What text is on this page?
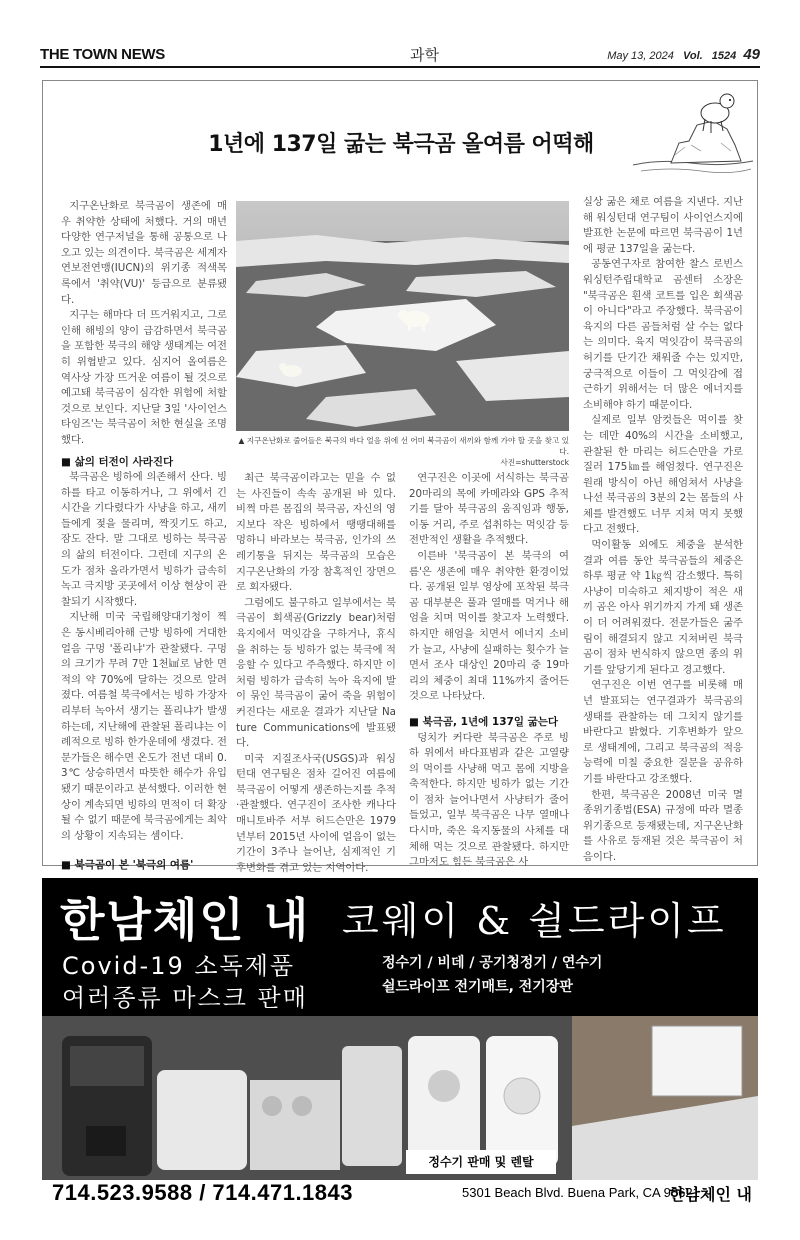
THE TOWN NEWS	과학	May 13, 2024 Vol. 1524 49
1년에 137일 굶는 북극곰 올여름 어떡해

지구온난화로 북극곰이 생존에 매우 취약한 상태에 처했다. 거의 매년 다양한 연구저널을 통해 공통으로 나오고 있는 의견이다. 북극곰은 세계자연보전연맹(IUCN)의 위기종 적색목록에서 '취약(VU)' 등급으로 분류됐다.

지구는 해마다 더 뜨거워지고, 그로 인해 해빙의 양이 급감하면서 북극곰을 포함한 북극의 해양 생태계는 여전히 위협받고 있다. 심지어 올여름은 역사상 가장 뜨거운 여름이 될 것으로 예고돼 북극곰이 심각한 위험에 처할 것으로 보인다. 지난달 3일 '사이언스타임즈'는 북극곰이 처한 현실을 조명했다.

■ 삶의 터전이 사라진다

북극곰은 빙하에 의존해서 산다. 빙하를 타고 이동하거나, 그 위에서 긴 시간을 기다렸다가 사냥을 하고, 새끼들에게 젖을 물리며, 짝짓기도 하고, 잠도 잔다. 말 그대로 빙하는 북극곰의 삶의 터전이다. 그런데 지구의 온도가 점차 올라가면서 빙하가 급속히 녹고 극지방 곳곳에서 이상 현상이 관찰되기 시작했다.

지난해 미국 국립해양대기청이 찍은 동시베리아해 근방 빙하에 거대한 얼음 구멍 '폴리냐'가 관찰됐다. 구멍의 크기가 무려 7만 1천㎢로 남한 면적의 약 70%에 달하는 것으로 알려졌다. 여름철 북극에서는 빙하 가장자리부터 녹아서 생기는 폴리냐가 발생하는데, 지난해에 관찰된 폴리냐는 이례적으로 빙하 한가운데에 생겼다. 전문가들은 해수면 온도가 전년 대비 0.3℃ 상승하면서 따뜻한 해수가 유입됐기 때문이라고 분석했다. 이러한 현상이 계속되면 빙하의 면적이 더 확장될 수 없기 때문에 북극곰에게는 최악의 상황이 지속되는 셈이다.

■ 북극곰이 본 '북극의 여름'

▲ 지구온난화로 줄어들은 북극의 바다 얼음 위에 선 어미 북극곰이 새끼와 함께 가야 할 곳을 찾고 있다.
사진=shutterstock

최근 북극곰이라고는 믿을 수 없는 사진들이 속속 공개된 바 있다. 비쩍 마른 몸집의 북극곰, 자신의 영지보다 작은 빙하에서 땡땡대해를 멍하니 바라보는 북극곰, 인가의 쓰레기통을 뒤지는 북극곰의 모습은 지구온난화의 가장 참혹적인 장면으로 회자됐다.

그럼에도 불구하고 일부에서는 북극곰이 회색곰(Grizzly bear)처럼 육지에서 먹잇감을 구하거나, 휴식을 취하는 등 빙하가 없는 북극에 적응할 수 있다고 주측했다. 하지만 이처럼 빙하가 급속히 녹아 육지에 발이 묶인 북극곰이 굶어 죽을 위험이 커진다는 새로운 결과가 지난달 Nature Communications에 발표됐다.

미국 지질조사국(USGS)과 워싱턴대 연구팀은 점차 길어진 여름에 북극곰이 어떻게 생존하는지를 추적·관찰했다. 연구진이 조사한 캐나다 매니토바주 서부 허드슨만은 1979년부터 2015년 사이에 얼음이 없는 기간이 3주나 늘어난, 심제적인 기후변화를 겪고 있는 지역이다.

연구진은 이곳에 서식하는 북극곰 20마리의 목에 카메라와 GPS 추적기를 달아 북극곰의 움직임과 행동, 이동 거리, 주로 섭취하는 먹잇감 등 전반적인 생활을 추적했다.

이른바 '북극곰이 본 북극의 여름'은 생존에 매우 취약한 환경이었다. 공개된 일부 영상에 포착된 북극곰 대부분은 풀과 열매를 먹거나 해엄을 치며 먹이를 찾고자 노력했다. 하지만 해엄을 치면서 에너지 소비가 늘고, 사냥에 실패하는 횟수가 늘면서 조사 대상인 20마리 중 19마리의 체중이 최대 11%까지 줄어든 것으로 나타났다.

■ 북극곰, 1년에 137일 굶는다

덩치가 커다란 북극곰은 주로 빙하 위에서 바다표범과 같은 고열량의 먹이를 사냥해 먹고 몸에 지방을 축적한다. 하지만 빙하가 없는 기간이 점차 늘어나면서 사냥터가 줄어들었고, 일부 북극곰은 나무 열매나 다시마, 죽은 육지동물의 사체를 대체해 먹는 것으로 관찰됐다. 하지만 그마저도 힘든 북극곰은 사

실상 굶은 채로 여름을 지낸다. 지난해 워싱턴대 연구팀이 사이언스지에 발표한 논문에 따르면 북극곰이 1년에 평균 137일을 굶는다.

공동연구자로 참여한 찰스 로빈스 워싱턴주립대학교 곰센터 소장은 "북극곰은 흰색 코트를 입은 회색곰이 아니다"라고 주장했다. 북극곰이 육지의 다른 곰들처럼 살 수는 없다는 의미다. 육지 먹잇감이 북극곰의 허기를 단기간 채워줄 수는 있지만, 궁극적으로 이들이 그 먹잇감에 접근하기 위해서는 더 많은 에너지를 소비해야 하기 때문이다.

실제로 일부 암컷들은 먹이를 찾는 데만 40%의 시간을 소비했고, 관찰된 한 마리는 허드슨만을 가로질러 175㎞를 해엄쳤다. 연구진은 원래 방식이 아닌 해엄쳐서 사냥을 나선 북극곰의 3분의 2는 몸들의 사체를 발견했도 너무 지쳐 먹지 못했다고 전했다.

먹이활동 외에도 체중을 분석한 결과 여름 동안 북극곰들의 체중은 하루 평균 약 1㎏씩 감소했다. 특히 사냥이 미숙하고 체지방이 적은 새끼 곰은 아사 위기까지 가게 돼 생존이 더 어려워졌다. 전문가들은 굶주림이 해결되지 않고 지쳐버린 북극곰이 점차 번식하지 않으면 종의 위기를 앞당기게 된다고 경고했다.

연구진은 이번 연구를 비롯해 매년 발표되는 연구결과가 북극곰의 생태를 관찰하는 데 그치지 않기를 바란다고 밝혔다. 기후변화가 앞으로 생태계에, 그리고 북극곰의 적응 능력에 미칠 중요한 질문을 공유하기를 바란다고 강조했다.

한편, 북극곰은 2008년 미국 멸종위기종법(ESA) 규정에 따라 멸종위기종으로 등재됐는데, 지구온난화를 사유로 등재된 것은 북극곰이 처음이다.

한남체인 내 코웨이 & 쉴드라이프
Covid-19 소독제품
여러종류 마스크 판매
정수기 / 비데 / 공기청정기 / 연수기
쉴드라이프 전기매트, 전기장판
정수기 판매 및 렌탈
714.523.9588 / 714.471.1843	5301 Beach Blvd. Buena Park, CA 90621
한남체인 내
